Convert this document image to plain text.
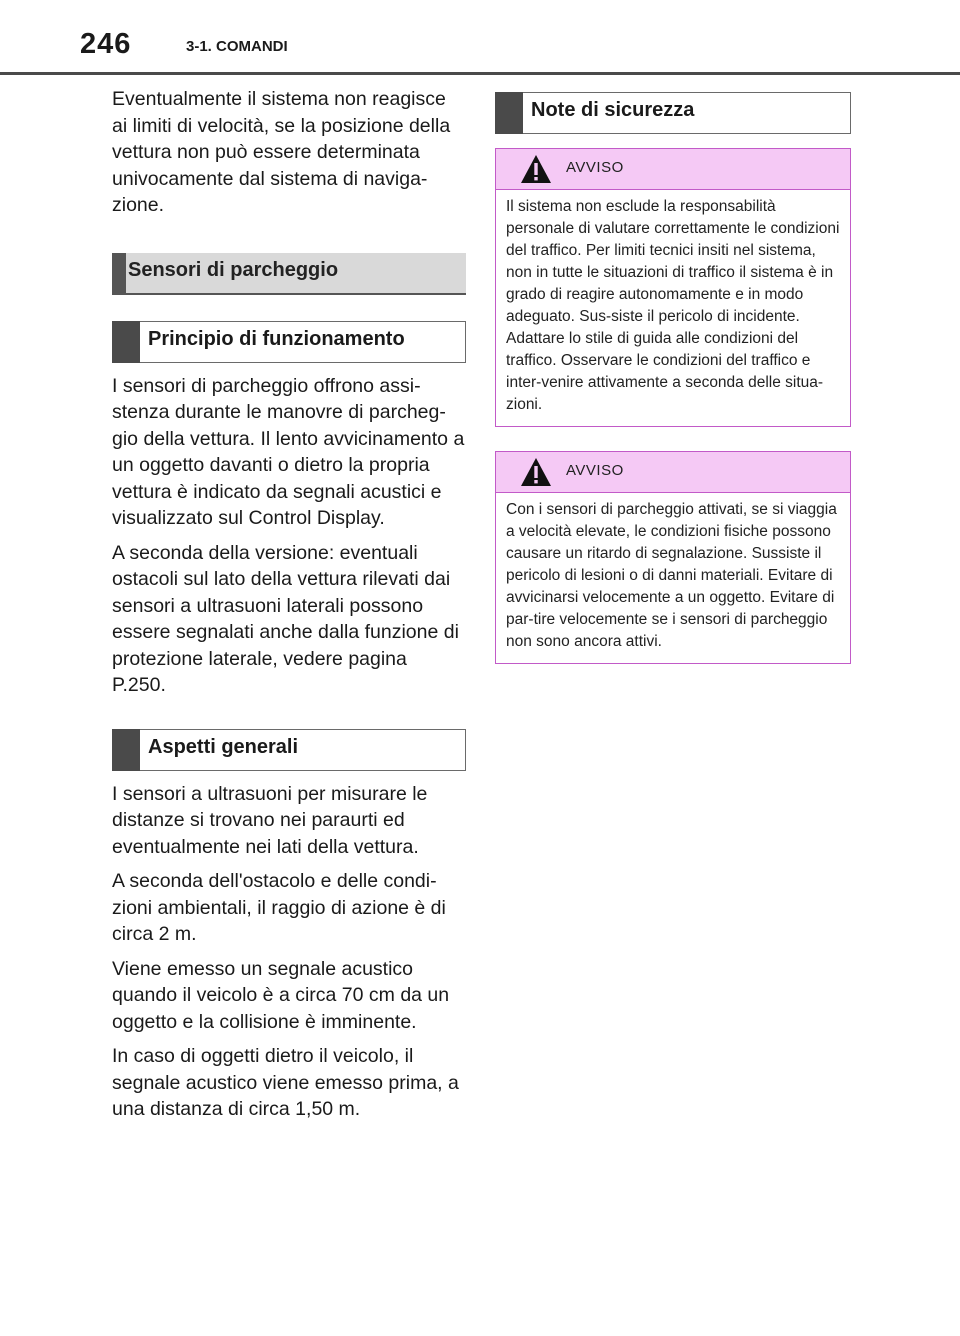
246	3-1. COMANDI

Eventualmente il sistema non reagisce ai limiti di velocità, se la posizione della vettura non può essere determinata univocamente dal sistema di naviga-zione.

Sensori di parcheggio
Principio di funzionamento

I sensori di parcheggio offrono assi-stenza durante le manovre di parcheg-gio della vettura. Il lento avvicinamento a un oggetto davanti o dietro la propria vettura è indicato da segnali acustici e visualizzato sul Control Display.

A seconda della versione: eventuali ostacoli sul lato della vettura rilevati dai sensori a ultrasuoni laterali possono essere segnalati anche dalla funzione di protezione laterale, vedere pagina P.250.

Aspetti generali

I sensori a ultrasuoni per misurare le distanze si trovano nei paraurti ed eventualmente nei lati della vettura.

A seconda dell'ostacolo e delle condi-zioni ambientali, il raggio di azione è di circa 2 m.

Viene emesso un segnale acustico quando il veicolo è a circa 70 cm da un oggetto e la collisione è imminente.

In caso di oggetti dietro il veicolo, il segnale acustico viene emesso prima, a una distanza di circa 1,50 m.

Note di sicurezza
AVVISO
Il sistema non esclude la responsabilità personale di valutare correttamente le condizioni del traffico. Per limiti tecnici insiti nel sistema, non in tutte le situazioni di traffico il sistema è in grado di reagire autonomamente e in modo adeguato. Sus-siste il pericolo di incidente. Adattare lo stile di guida alle condizioni del traffico. Osservare le condizioni del traffico e inter-venire attivamente a seconda delle situa-zioni.
AVVISO
Con i sensori di parcheggio attivati, se si viaggia a velocità elevate, le condizioni fisiche possono causare un ritardo di segnalazione. Sussiste il pericolo di lesioni o di danni materiali. Evitare di avvicinarsi velocemente a un oggetto. Evitare di par-tire velocemente se i sensori di parcheggio non sono ancora attivi.
